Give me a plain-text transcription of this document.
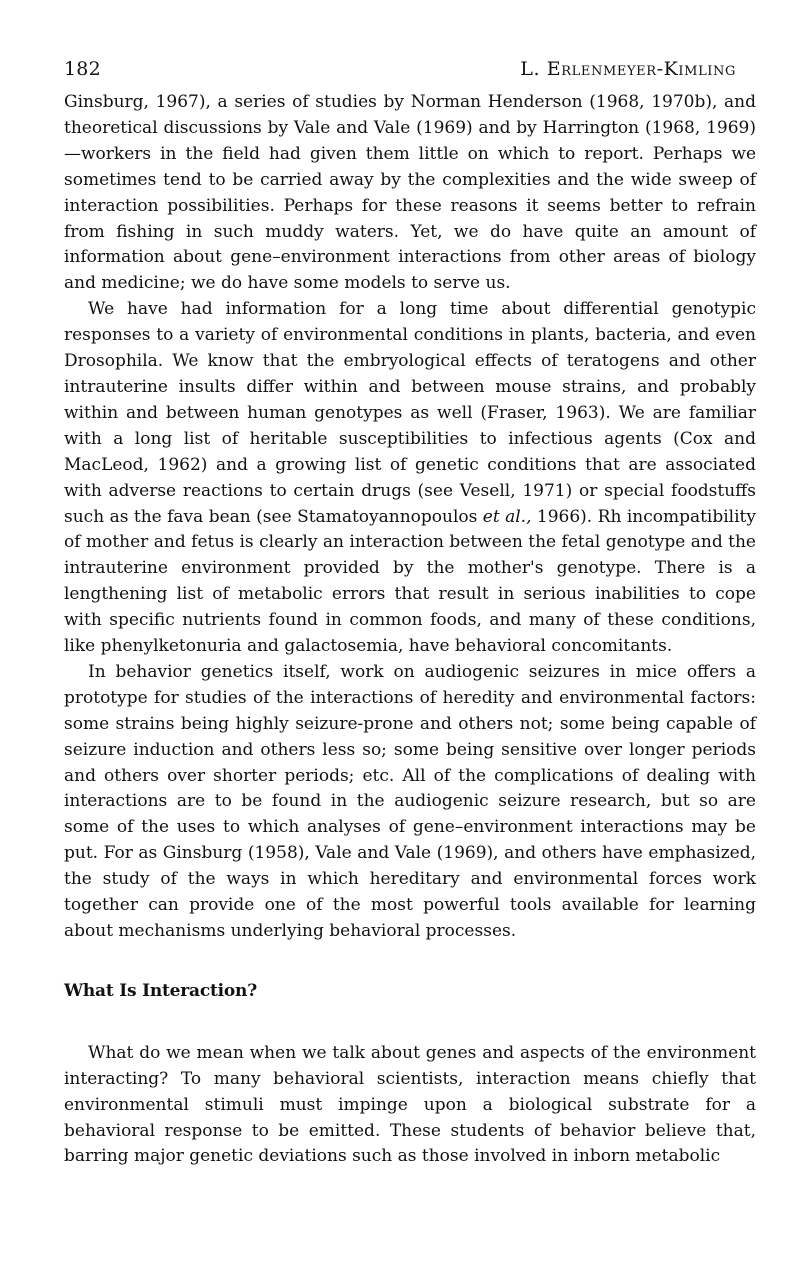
182	L. Erlenmeyer-Kimling

Ginsburg, 1967), a series of studies by Norman Henderson (1968, 1970b), and theoretical discussions by Vale and Vale (1969) and by Harrington (1968, 1969)—workers in the field had given them little on which to report. Perhaps we sometimes tend to be carried away by the complexities and the wide sweep of interaction possibilities. Perhaps for these reasons it seems better to refrain from fishing in such muddy waters. Yet, we do have quite an amount of information about gene–environment interactions from other areas of biology and medicine; we do have some models to serve us.

We have had information for a long time about differential genotypic responses to a variety of environmental conditions in plants, bacteria, and even Drosophila. We know that the embryological effects of teratogens and other intrauterine insults differ within and between mouse strains, and probably within and between human genotypes as well (Fraser, 1963). We are familiar with a long list of heritable susceptibilities to infectious agents (Cox and MacLeod, 1962) and a growing list of genetic conditions that are associated with adverse reactions to certain drugs (see Vesell, 1971) or special foodstuffs such as the fava bean (see Stamatoyannopoulos et al., 1966). Rh incompatibility of mother and fetus is clearly an interaction between the fetal genotype and the intrauterine environment provided by the mother's genotype. There is a lengthening list of metabolic errors that result in serious inabilities to cope with specific nutrients found in common foods, and many of these conditions, like phenylketonuria and galactosemia, have behavioral concomitants.

In behavior genetics itself, work on audiogenic seizures in mice offers a prototype for studies of the interactions of heredity and environmental factors: some strains being highly seizure-prone and others not; some being capable of seizure induction and others less so; some being sensitive over longer periods and others over shorter periods; etc. All of the complications of dealing with interactions are to be found in the audiogenic seizure research, but so are some of the uses to which analyses of gene–environment interactions may be put. For as Ginsburg (1958), Vale and Vale (1969), and others have emphasized, the study of the ways in which hereditary and environmental forces work together can provide one of the most powerful tools available for learning about mechanisms underlying behavioral processes.

What Is Interaction?

What do we mean when we talk about genes and aspects of the environment interacting? To many behavioral scientists, interaction means chiefly that environmental stimuli must impinge upon a biological substrate for a behavioral response to be emitted. These students of behavior believe that, barring major genetic deviations such as those involved in inborn metabolic
